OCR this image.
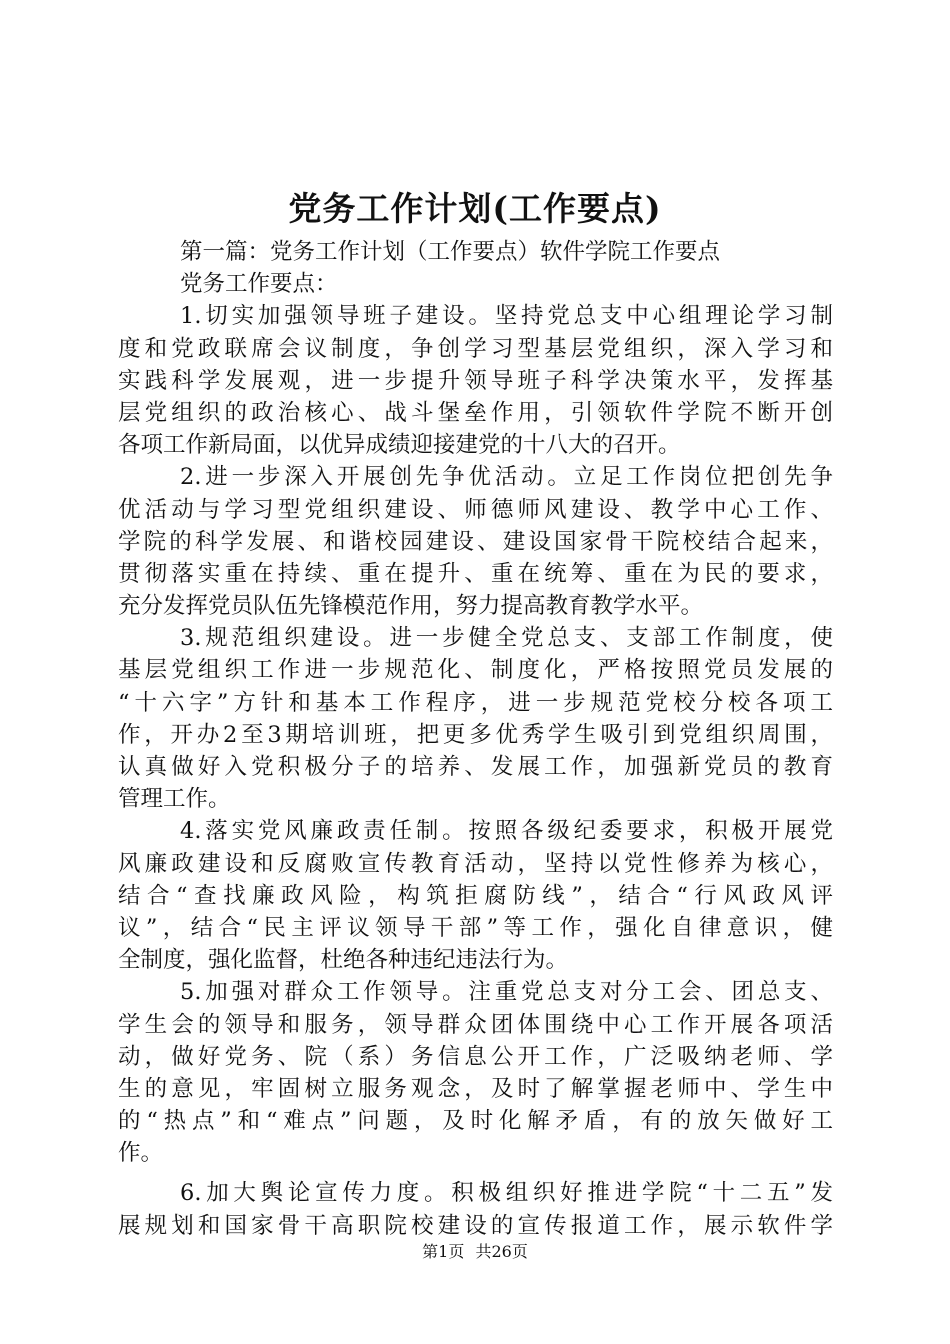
党务工作计划(工作要点)
第一篇：党务工作计划（工作要点）软件学院工作要点
党务工作要点：
1.切实加强领导班子建设。坚持党总支中心组理论学习制
度和党政联席会议制度，争创学习型基层党组织，深入学习和
实践科学发展观，进一步提升领导班子科学决策水平，发挥基
层党组织的政治核心、战斗堡垒作用，引领软件学院不断开创
各项工作新局面，以优异成绩迎接建党的十八大的召开。
2.进一步深入开展创先争优活动。立足工作岗位把创先争
优活动与学习型党组织建设、师德师风建设、教学中心工作、
学院的科学发展、和谐校园建设、建设国家骨干院校结合起来，
贯彻落实重在持续、重在提升、重在统筹、重在为民的要求，
充分发挥党员队伍先锋模范作用，努力提高教育教学水平。
3.规范组织建设。进一步健全党总支、支部工作制度，使
基层党组织工作进一步规范化、制度化，严格按照党员发展的
“十六字”方针和基本工作程序，进一步规范党校分校各项工
作，开办2至3期培训班，把更多优秀学生吸引到党组织周围，
认真做好入党积极分子的培养、发展工作，加强新党员的教育
管理工作。
4.落实党风廉政责任制。按照各级纪委要求，积极开展党
风廉政建设和反腐败宣传教育活动，坚持以党性修养为核心，
结合“查找廉政风险，构筑拒腐防线”，结合“行风政风评
议”，结合“民主评议领导干部”等工作，强化自律意识，健
全制度，强化监督，杜绝各种违纪违法行为。
5.加强对群众工作领导。注重党总支对分工会、团总支、
学生会的领导和服务，领导群众团体围绕中心工作开展各项活
动，做好党务、院（系）务信息公开工作，广泛吸纳老师、学
生的意见，牢固树立服务观念，及时了解掌握老师中、学生中
的“热点”和“难点”问题，及时化解矛盾，有的放矢做好工
作。
6.加大舆论宣传力度。积极组织好推进学院“十二五”发
展规划和国家骨干高职院校建设的宣传报道工作，展示软件学
第1页 共26页
